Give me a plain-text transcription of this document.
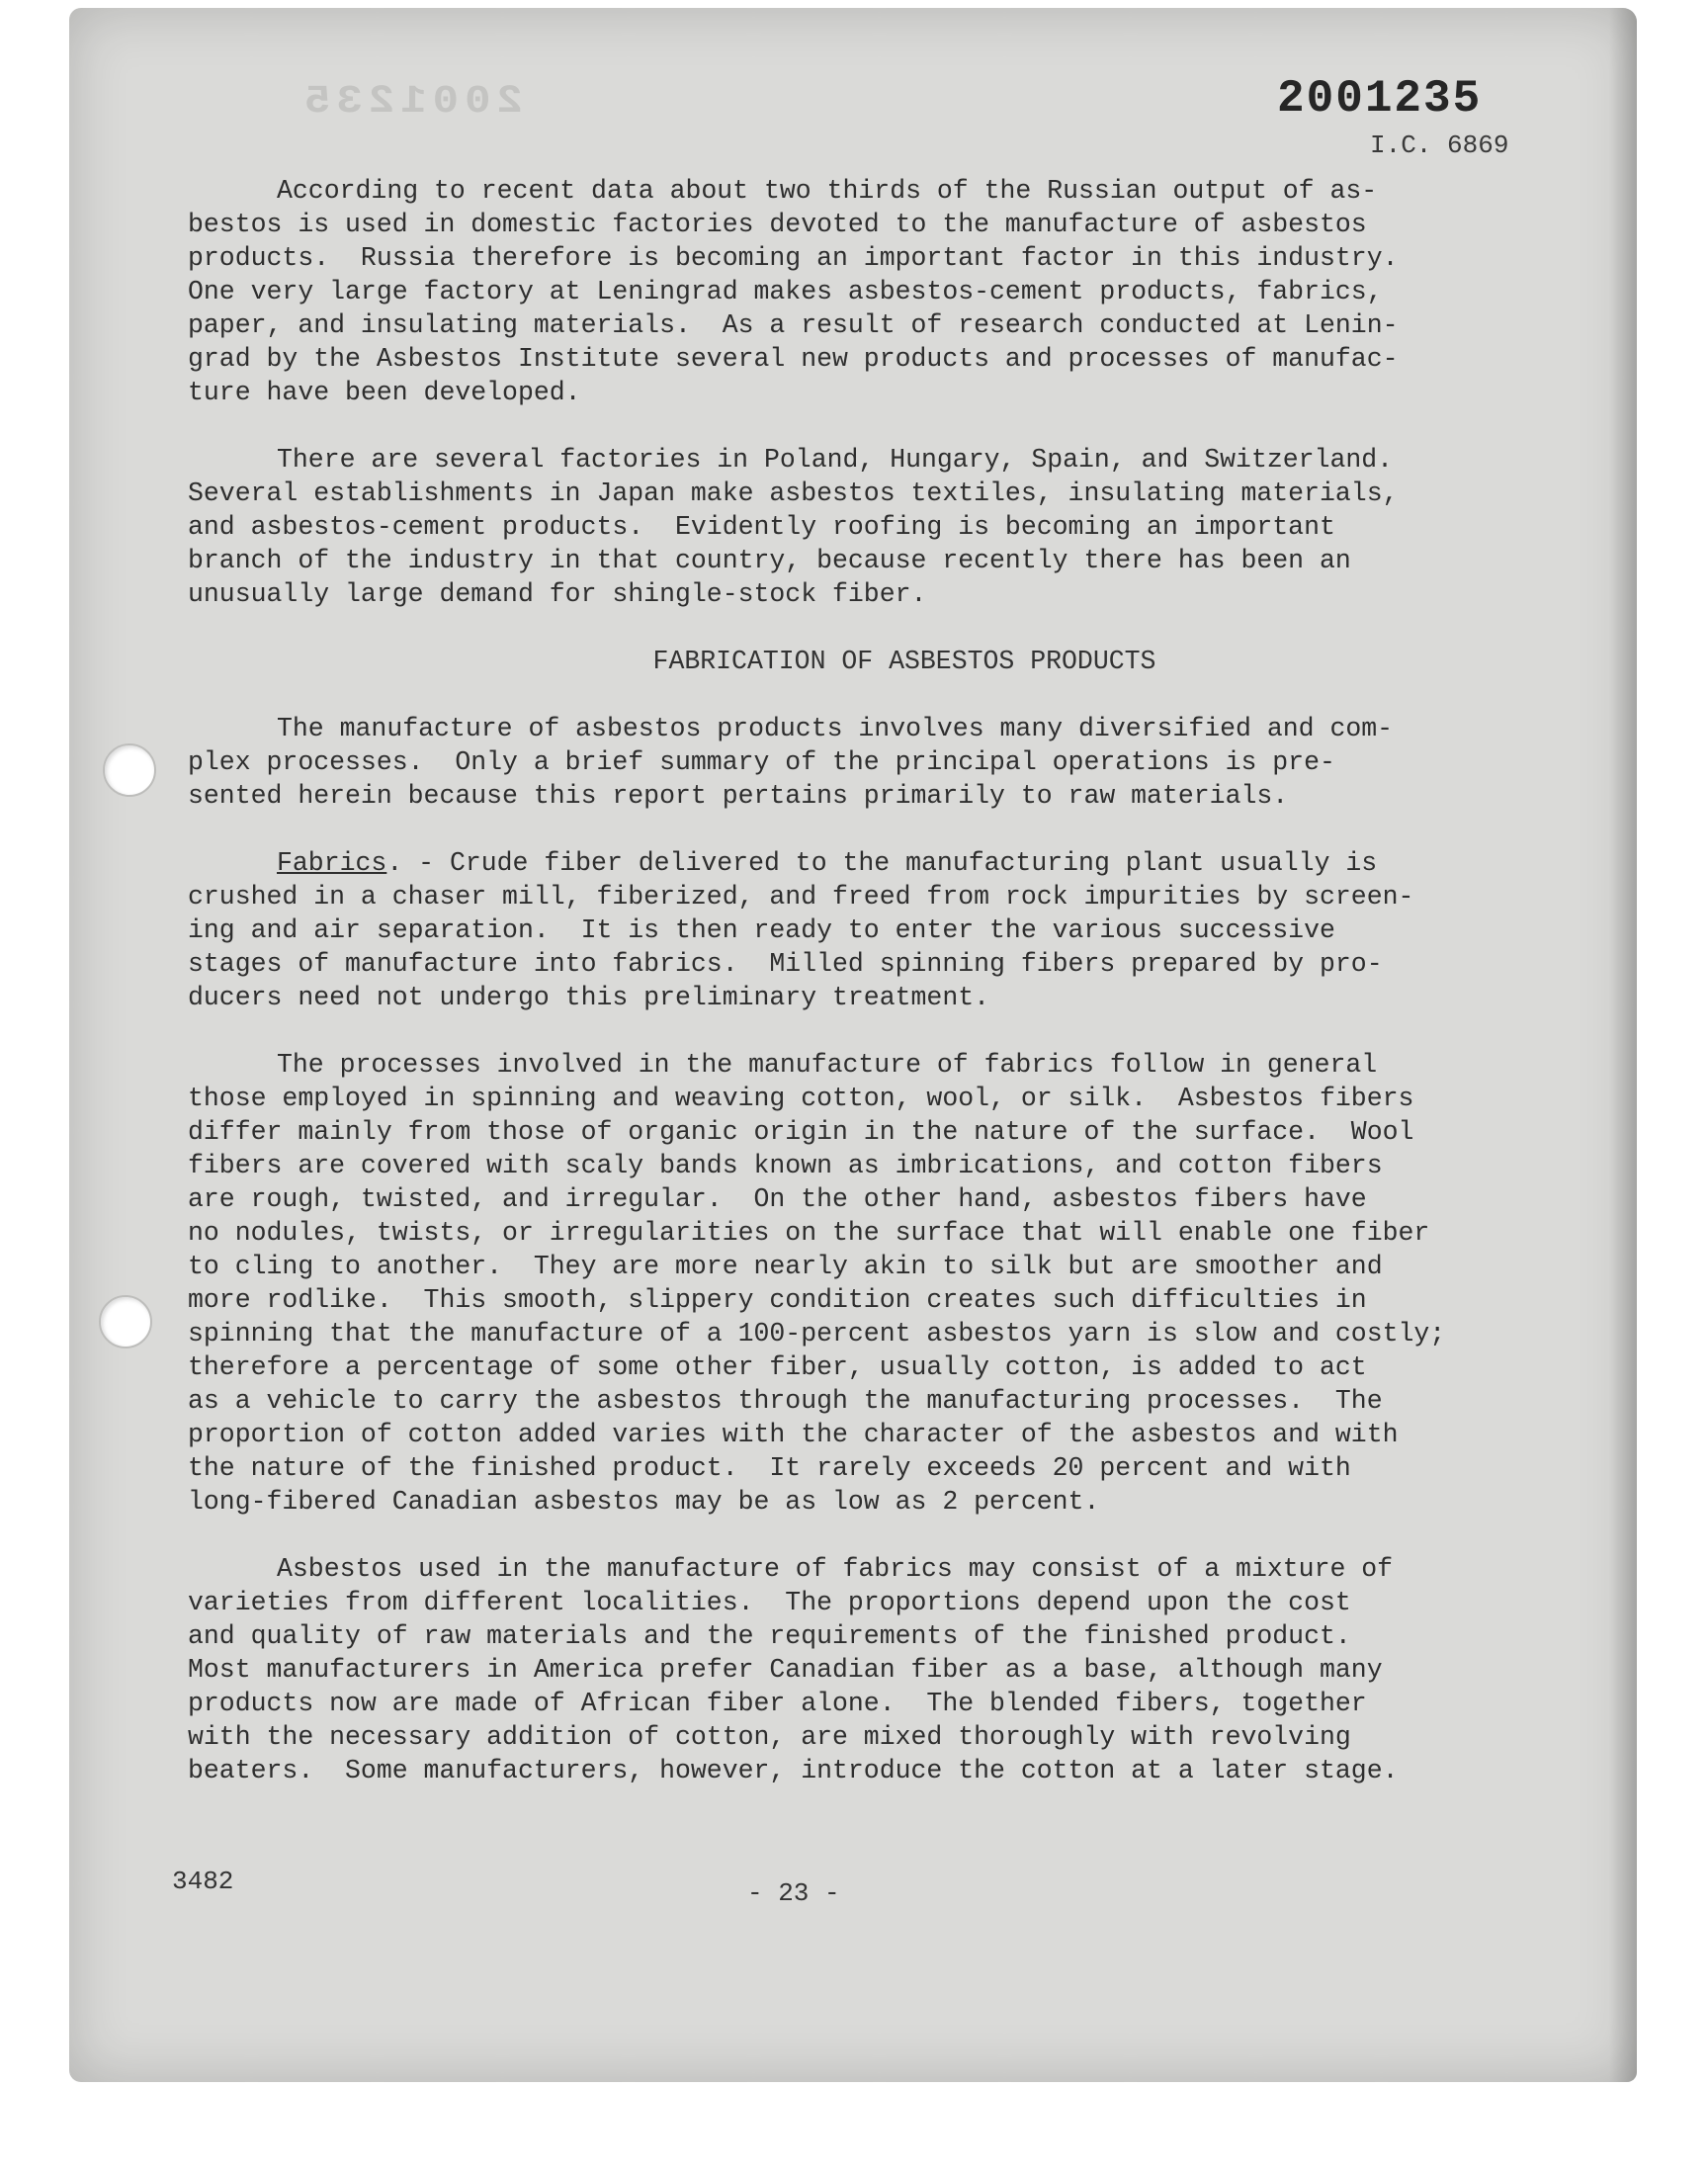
2001235	2001235
I.C. 6869

According to recent data about two thirds of the Russian output of as-
bestos is used in domestic factories devoted to the manufacture of asbestos
products.  Russia therefore is becoming an important factor in this industry.
One very large factory at Leningrad makes asbestos-cement products, fabrics,
paper, and insulating materials.  As a result of research conducted at Lenin-
grad by the Asbestos Institute several new products and processes of manufac-
ture have been developed.

There are several factories in Poland, Hungary, Spain, and Switzerland.
Several establishments in Japan make asbestos textiles, insulating materials,
and asbestos-cement products.  Evidently roofing is becoming an important
branch of the industry in that country, because recently there has been an
unusually large demand for shingle-stock fiber.

FABRICATION OF ASBESTOS PRODUCTS

The manufacture of asbestos products involves many diversified and com-
plex processes.  Only a brief summary of the principal operations is pre-
sented herein because this report pertains primarily to raw materials.

Fabrics. - Crude fiber delivered to the manufacturing plant usually is
crushed in a chaser mill, fiberized, and freed from rock impurities by screen-
ing and air separation.  It is then ready to enter the various successive
stages of manufacture into fabrics.  Milled spinning fibers prepared by pro-
ducers need not undergo this preliminary treatment.

The processes involved in the manufacture of fabrics follow in general
those employed in spinning and weaving cotton, wool, or silk.  Asbestos fibers
differ mainly from those of organic origin in the nature of the surface.  Wool
fibers are covered with scaly bands known as imbrications, and cotton fibers
are rough, twisted, and irregular.  On the other hand, asbestos fibers have
no nodules, twists, or irregularities on the surface that will enable one fiber
to cling to another.  They are more nearly akin to silk but are smoother and
more rodlike.  This smooth, slippery condition creates such difficulties in
spinning that the manufacture of a 100-percent asbestos yarn is slow and costly;
therefore a percentage of some other fiber, usually cotton, is added to act
as a vehicle to carry the asbestos through the manufacturing processes.  The
proportion of cotton added varies with the character of the asbestos and with
the nature of the finished product.  It rarely exceeds 20 percent and with
long-fibered Canadian asbestos may be as low as 2 percent.

Asbestos used in the manufacture of fabrics may consist of a mixture of
varieties from different localities.  The proportions depend upon the cost
and quality of raw materials and the requirements of the finished product.
Most manufacturers in America prefer Canadian fiber as a base, although many
products now are made of African fiber alone.  The blended fibers, together
with the necessary addition of cotton, are mixed thoroughly with revolving
beaters.  Some manufacturers, however, introduce the cotton at a later stage.

3482	- 23 -
